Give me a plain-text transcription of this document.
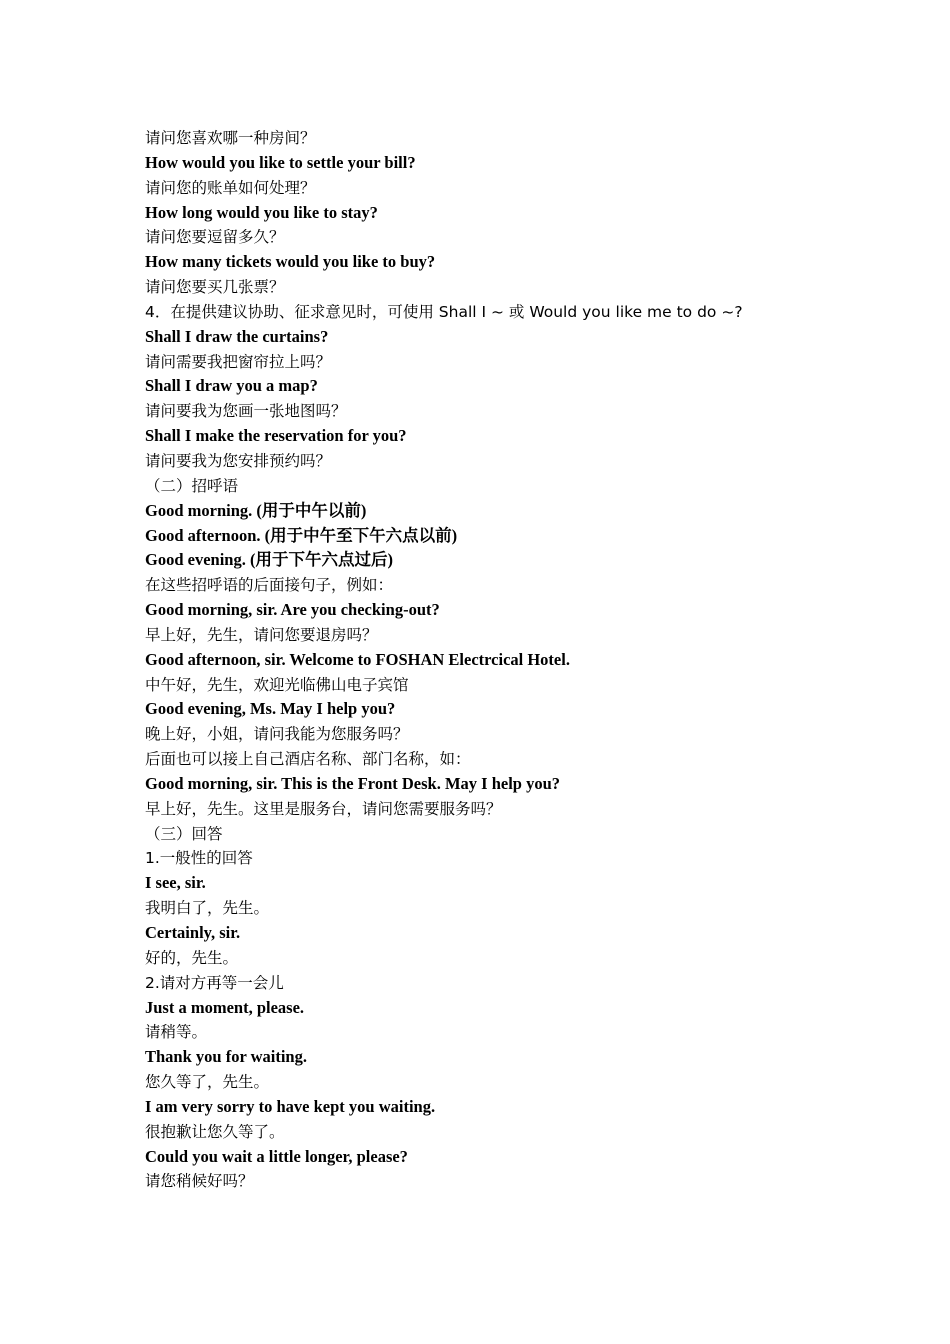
请问您喜欢哪一种房间？
How would you like to settle your bill?
请问您的账单如何处理？
How long would you like to stay?
请问您要逗留多久？
How many tickets would you like to buy?
请问您要买几张票？
4．在提供建议协助、征求意见时，可使用 Shall I ~ 或 Would you like me to do ~?
Shall I draw the curtains?
请问需要我把窗帘拉上吗？
Shall I draw you a map?
请问要我为您画一张地图吗？
Shall I make the reservation for you?
请问要我为您安排预约吗？
（二）招呼语
Good morning. (用于中午以前)
Good afternoon. (用于中午至下午六点以前)
Good evening. (用于下午六点过后)
在这些招呼语的后面接句子，例如：
Good morning, sir. Are you checking-out?
早上好，先生，请问您要退房吗？
Good afternoon, sir. Welcome to FOSHAN Electrcical Hotel.
中午好，先生，欢迎光临佛山电子宾馆
Good evening, Ms. May I help you?
晚上好，小姐，请问我能为您服务吗？
后面也可以接上自己酒店名称、部门名称，如：
Good morning, sir. This is the Front Desk. May I help you?
早上好，先生。这里是服务台，请问您需要服务吗？
（三）回答
1.一般性的回答
I see, sir.
我明白了，先生。
Certainly, sir.
好的，先生。
2.请对方再等一会儿
Just a moment, please.
请稍等。
Thank you for waiting.
您久等了，先生。
I am very sorry to have kept you waiting.
很抱歉让您久等了。
Could you wait a little longer, please?
请您稍候好吗？
